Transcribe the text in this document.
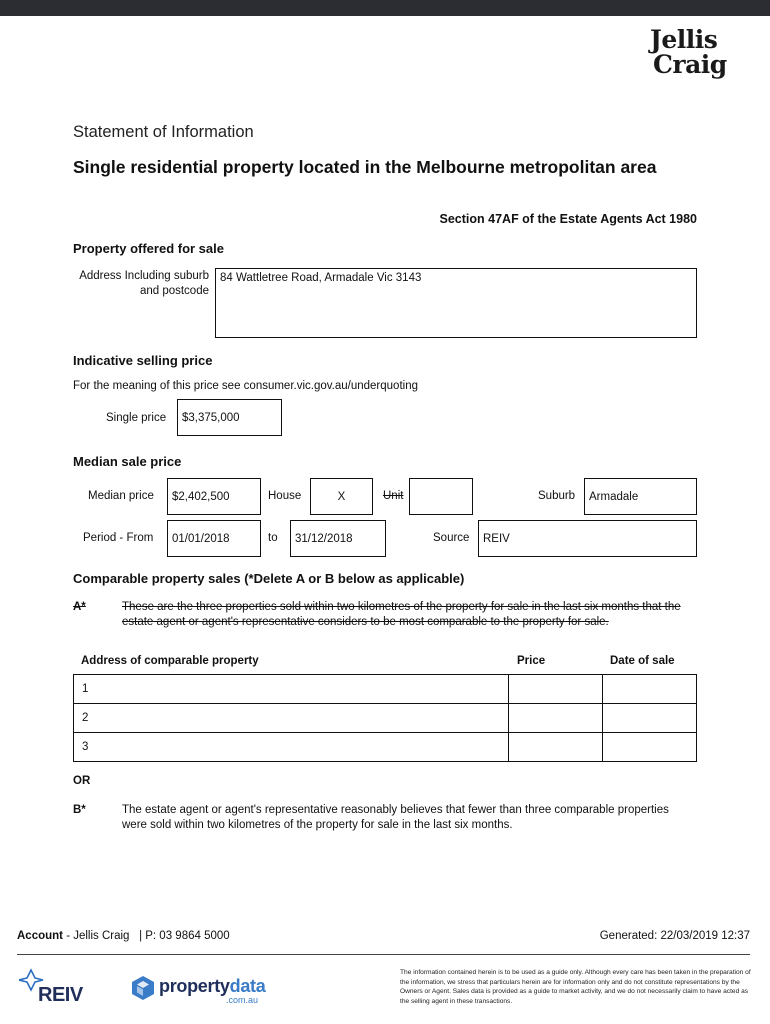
Jellis
Craig
Statement of Information
Single residential property located in the Melbourne metropolitan area
Section 47AF of the Estate Agents Act 1980
Property offered for sale
Address Including suburb and postcode
84 Wattletree Road, Armadale Vic 3143
Indicative selling price
For the meaning of this price see consumer.vic.gov.au/underquoting
Single price $3,375,000
Median sale price
Median price $2,402,500	House	X	Unit	Suburb Armadale
Period - From 01/01/2018	to 31/12/2018	Source REIV
Comparable property sales (*Delete A or B below as applicable)
A*	These are the three properties sold within two kilometres of the property for sale in the last six months that the estate agent or agent's representative considers to be most comparable to the property for sale.
Address of comparable property	Price	Date of sale
1		
2		
3		
OR
B*	The estate agent or agent's representative reasonably believes that fewer than three comparable properties were sold within two kilometres of the property for sale in the last six months.
Account - Jellis Craig | P: 03 9864 5000	Generated: 22/03/2019 12:37
REIV	propertydata
.com.au
The information contained herein is to be used as a guide only. Although every care has been taken in the preparation of the information, we stress that particulars herein are for information only and do not constitute representations by the Owners or Agent. Sales data is provided as a guide to market activity, and we do not necessarily claim to have acted as the selling agent in these transactions.
